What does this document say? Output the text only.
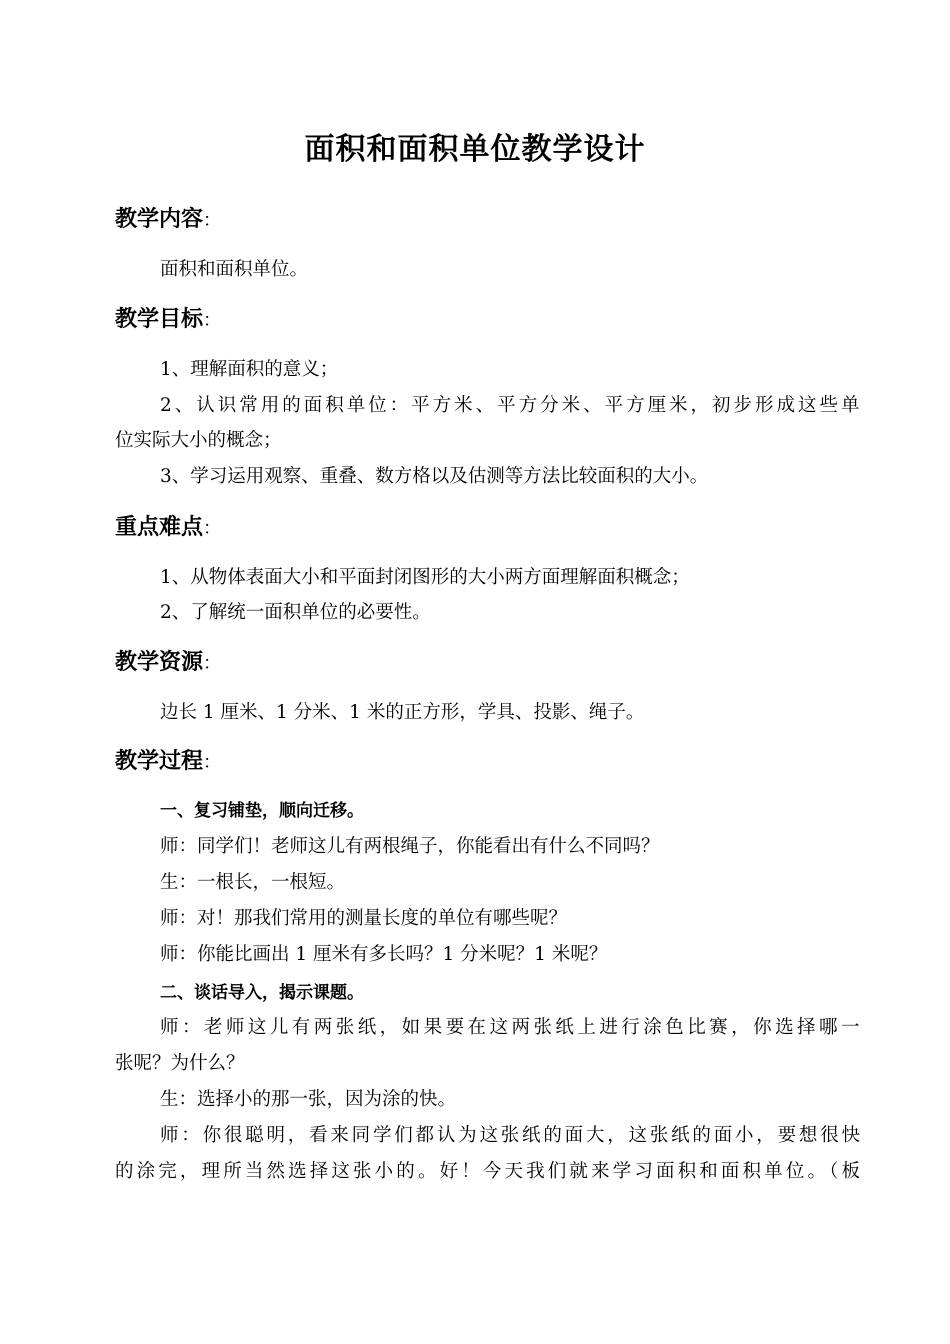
面积和面积单位教学设计
教学内容：
面积和面积单位。
教学目标：
1、理解面积的意义；
2、认识常用的面积单位：平方米、平方分米、平方厘米，初步形成这些单
位实际大小的概念；
3、学习运用观察、重叠、数方格以及估测等方法比较面积的大小。
重点难点：
1、从物体表面大小和平面封闭图形的大小两方面理解面积概念；
2、了解统一面积单位的必要性。
教学资源：
边长 1 厘米、1 分米、1 米的正方形，学具、投影、绳子。
教学过程：
一、复习铺垫，顺向迁移。
师：同学们！老师这儿有两根绳子，你能看出有什么不同吗？
生：一根长，一根短。
师：对！那我们常用的测量长度的单位有哪些呢？
师：你能比画出 1 厘米有多长吗？1 分米呢？1 米呢？
二、谈话导入，揭示课题。
师：老师这儿有两张纸，如果要在这两张纸上进行涂色比赛，你选择哪一
张呢？为什么？
生：选择小的那一张，因为涂的快。
师：你很聪明，看来同学们都认为这张纸的面大，这张纸的面小，要想很快
的涂完，理所当然选择这张小的。好！今天我们就来学习面积和面积单位。（板
